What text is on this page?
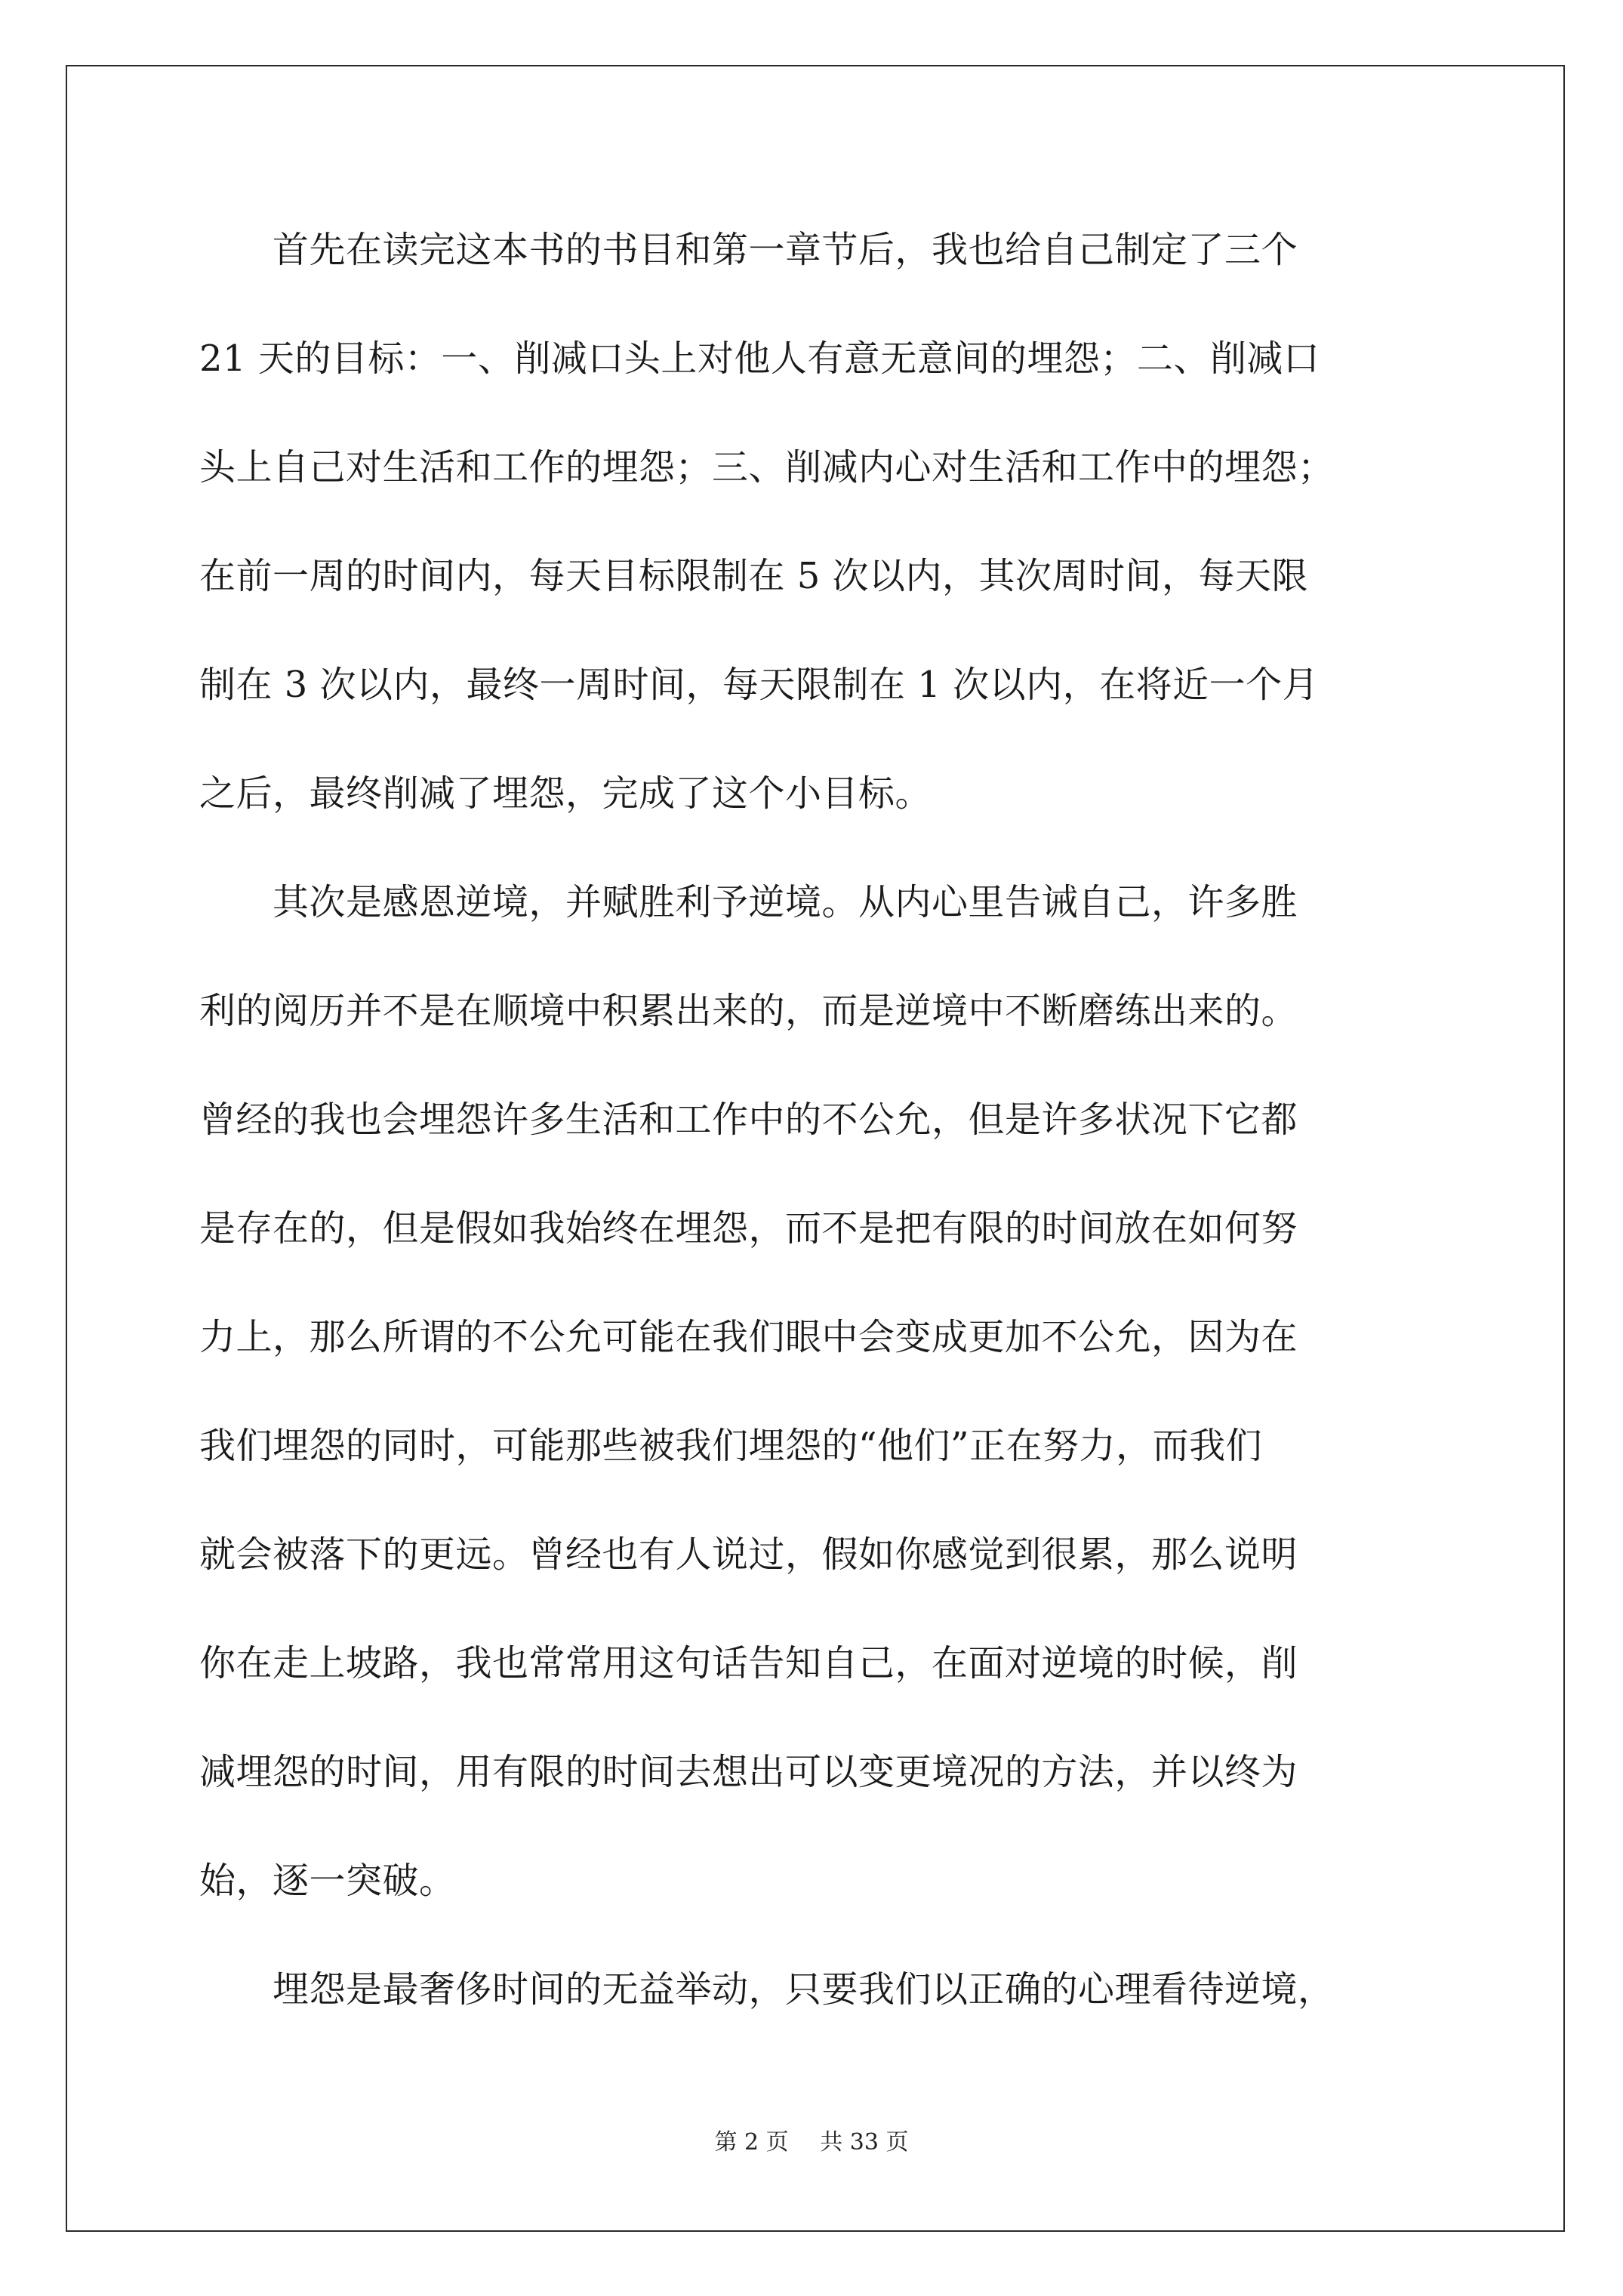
　　首先在读完这本书的书目和第一章节后，我也给自己制定了三个
21 天的目标：一、削减口头上对他人有意无意间的埋怨；二、削减口
头上自己对生活和工作的埋怨；三、削减内心对生活和工作中的埋怨；
在前一周的时间内，每天目标限制在 5 次以内，其次周时间，每天限
制在 3 次以内，最终一周时间，每天限制在 1 次以内，在将近一个月
之后，最终削减了埋怨，完成了这个小目标。
　　其次是感恩逆境，并赋胜利予逆境。从内心里告诫自己，许多胜
利的阅历并不是在顺境中积累出来的，而是逆境中不断磨练出来的。
曾经的我也会埋怨许多生活和工作中的不公允，但是许多状况下它都
是存在的，但是假如我始终在埋怨，而不是把有限的时间放在如何努
力上，那么所谓的不公允可能在我们眼中会变成更加不公允，因为在
我们埋怨的同时，可能那些被我们埋怨的“他们”正在努力，而我们
就会被落下的更远。曾经也有人说过，假如你感觉到很累，那么说明
你在走上坡路，我也常常用这句话告知自己，在面对逆境的时候，削
减埋怨的时间，用有限的时间去想出可以变更境况的方法，并以终为
始，逐一突破。
　　埋怨是最奢侈时间的无益举动，只要我们以正确的心理看待逆境，
第 2 页 共 33 页
